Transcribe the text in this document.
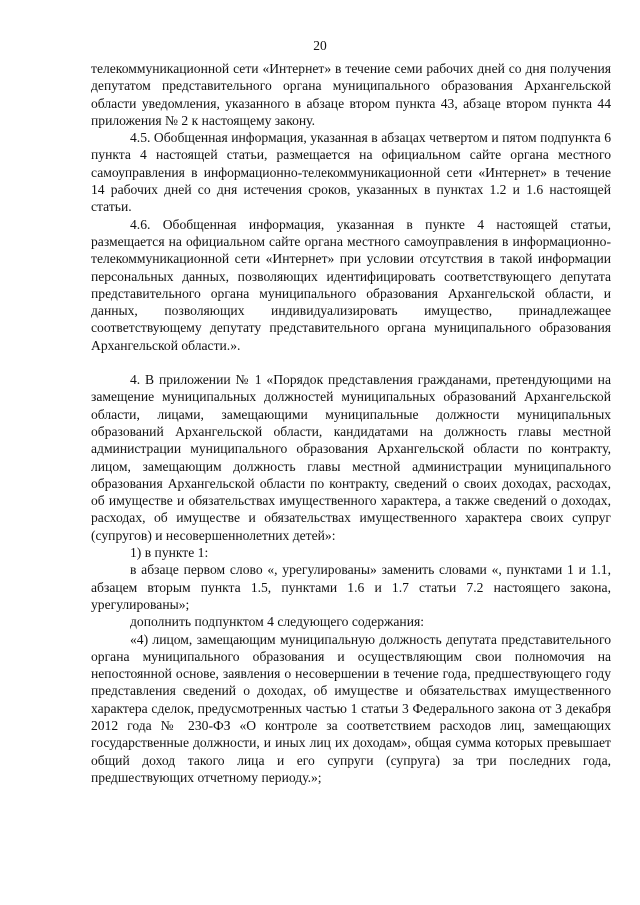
20

телекоммуникационной сети «Интернет» в течение семи рабочих дней со дня получения депутатом представительного органа муниципального образования Архангельской области уведомления, указанного в абзаце втором пункта 43, абзаце втором пункта 44 приложения № 2 к настоящему закону.

4.5. Обобщенная информация, указанная в абзацах четвертом и пятом подпункта 6 пункта 4 настоящей статьи, размещается на официальном сайте органа местного самоуправления в информационно-телекоммуникационной сети «Интернет» в течение 14 рабочих дней со дня истечения сроков, указанных в пунктах 1.2 и 1.6 настоящей статьи.

4.6. Обобщенная информация, указанная в пункте 4 настоящей статьи, размещается на официальном сайте органа местного самоуправления в информационно-телекоммуникационной сети «Интернет» при условии отсутствия в такой информации персональных данных, позволяющих идентифицировать соответствующего депутата представительного органа муниципального образования Архангельской области, и данных, позволяющих индивидуализировать имущество, принадлежащее соответствующему депутату представительного органа муниципального образования Архангельской области.».

4. В приложении № 1 «Порядок представления гражданами, претендующими на замещение муниципальных должностей муниципальных образований Архангельской области, лицами, замещающими муниципальные должности муниципальных образований Архангельской области, кандидатами на должность главы местной администрации муниципального образования Архангельской области по контракту, лицом, замещающим должность главы местной администрации муниципального образования Архангельской области по контракту, сведений о своих доходах, расходах, об имуществе и обязательствах имущественного характера, а также сведений о доходах, расходах, об имуществе и обязательствах имущественного характера своих супруг (супругов) и несовершеннолетних детей»:

1) в пункте 1:

в абзаце первом слово «, урегулированы» заменить словами «, пунктами 1 и 1.1, абзацем вторым пункта 1.5, пунктами 1.6 и 1.7 статьи 7.2 настоящего закона, урегулированы»;

дополнить подпунктом 4 следующего содержания:

«4) лицом, замещающим муниципальную должность депутата представительного органа муниципального образования и осуществляющим свои полномочия на непостоянной основе, заявления о несовершении в течение года, предшествующего году представления сведений о доходах, об имуществе и обязательствах имущественного характера сделок, предусмотренных частью 1 статьи 3 Федерального закона от 3 декабря 2012 года № 230-ФЗ «О контроле за соответствием расходов лиц, замещающих государственные должности, и иных лиц их доходам», общая сумма которых превышает общий доход такого лица и его супруги (супруга) за три последних года, предшествующих отчетному периоду.»;
